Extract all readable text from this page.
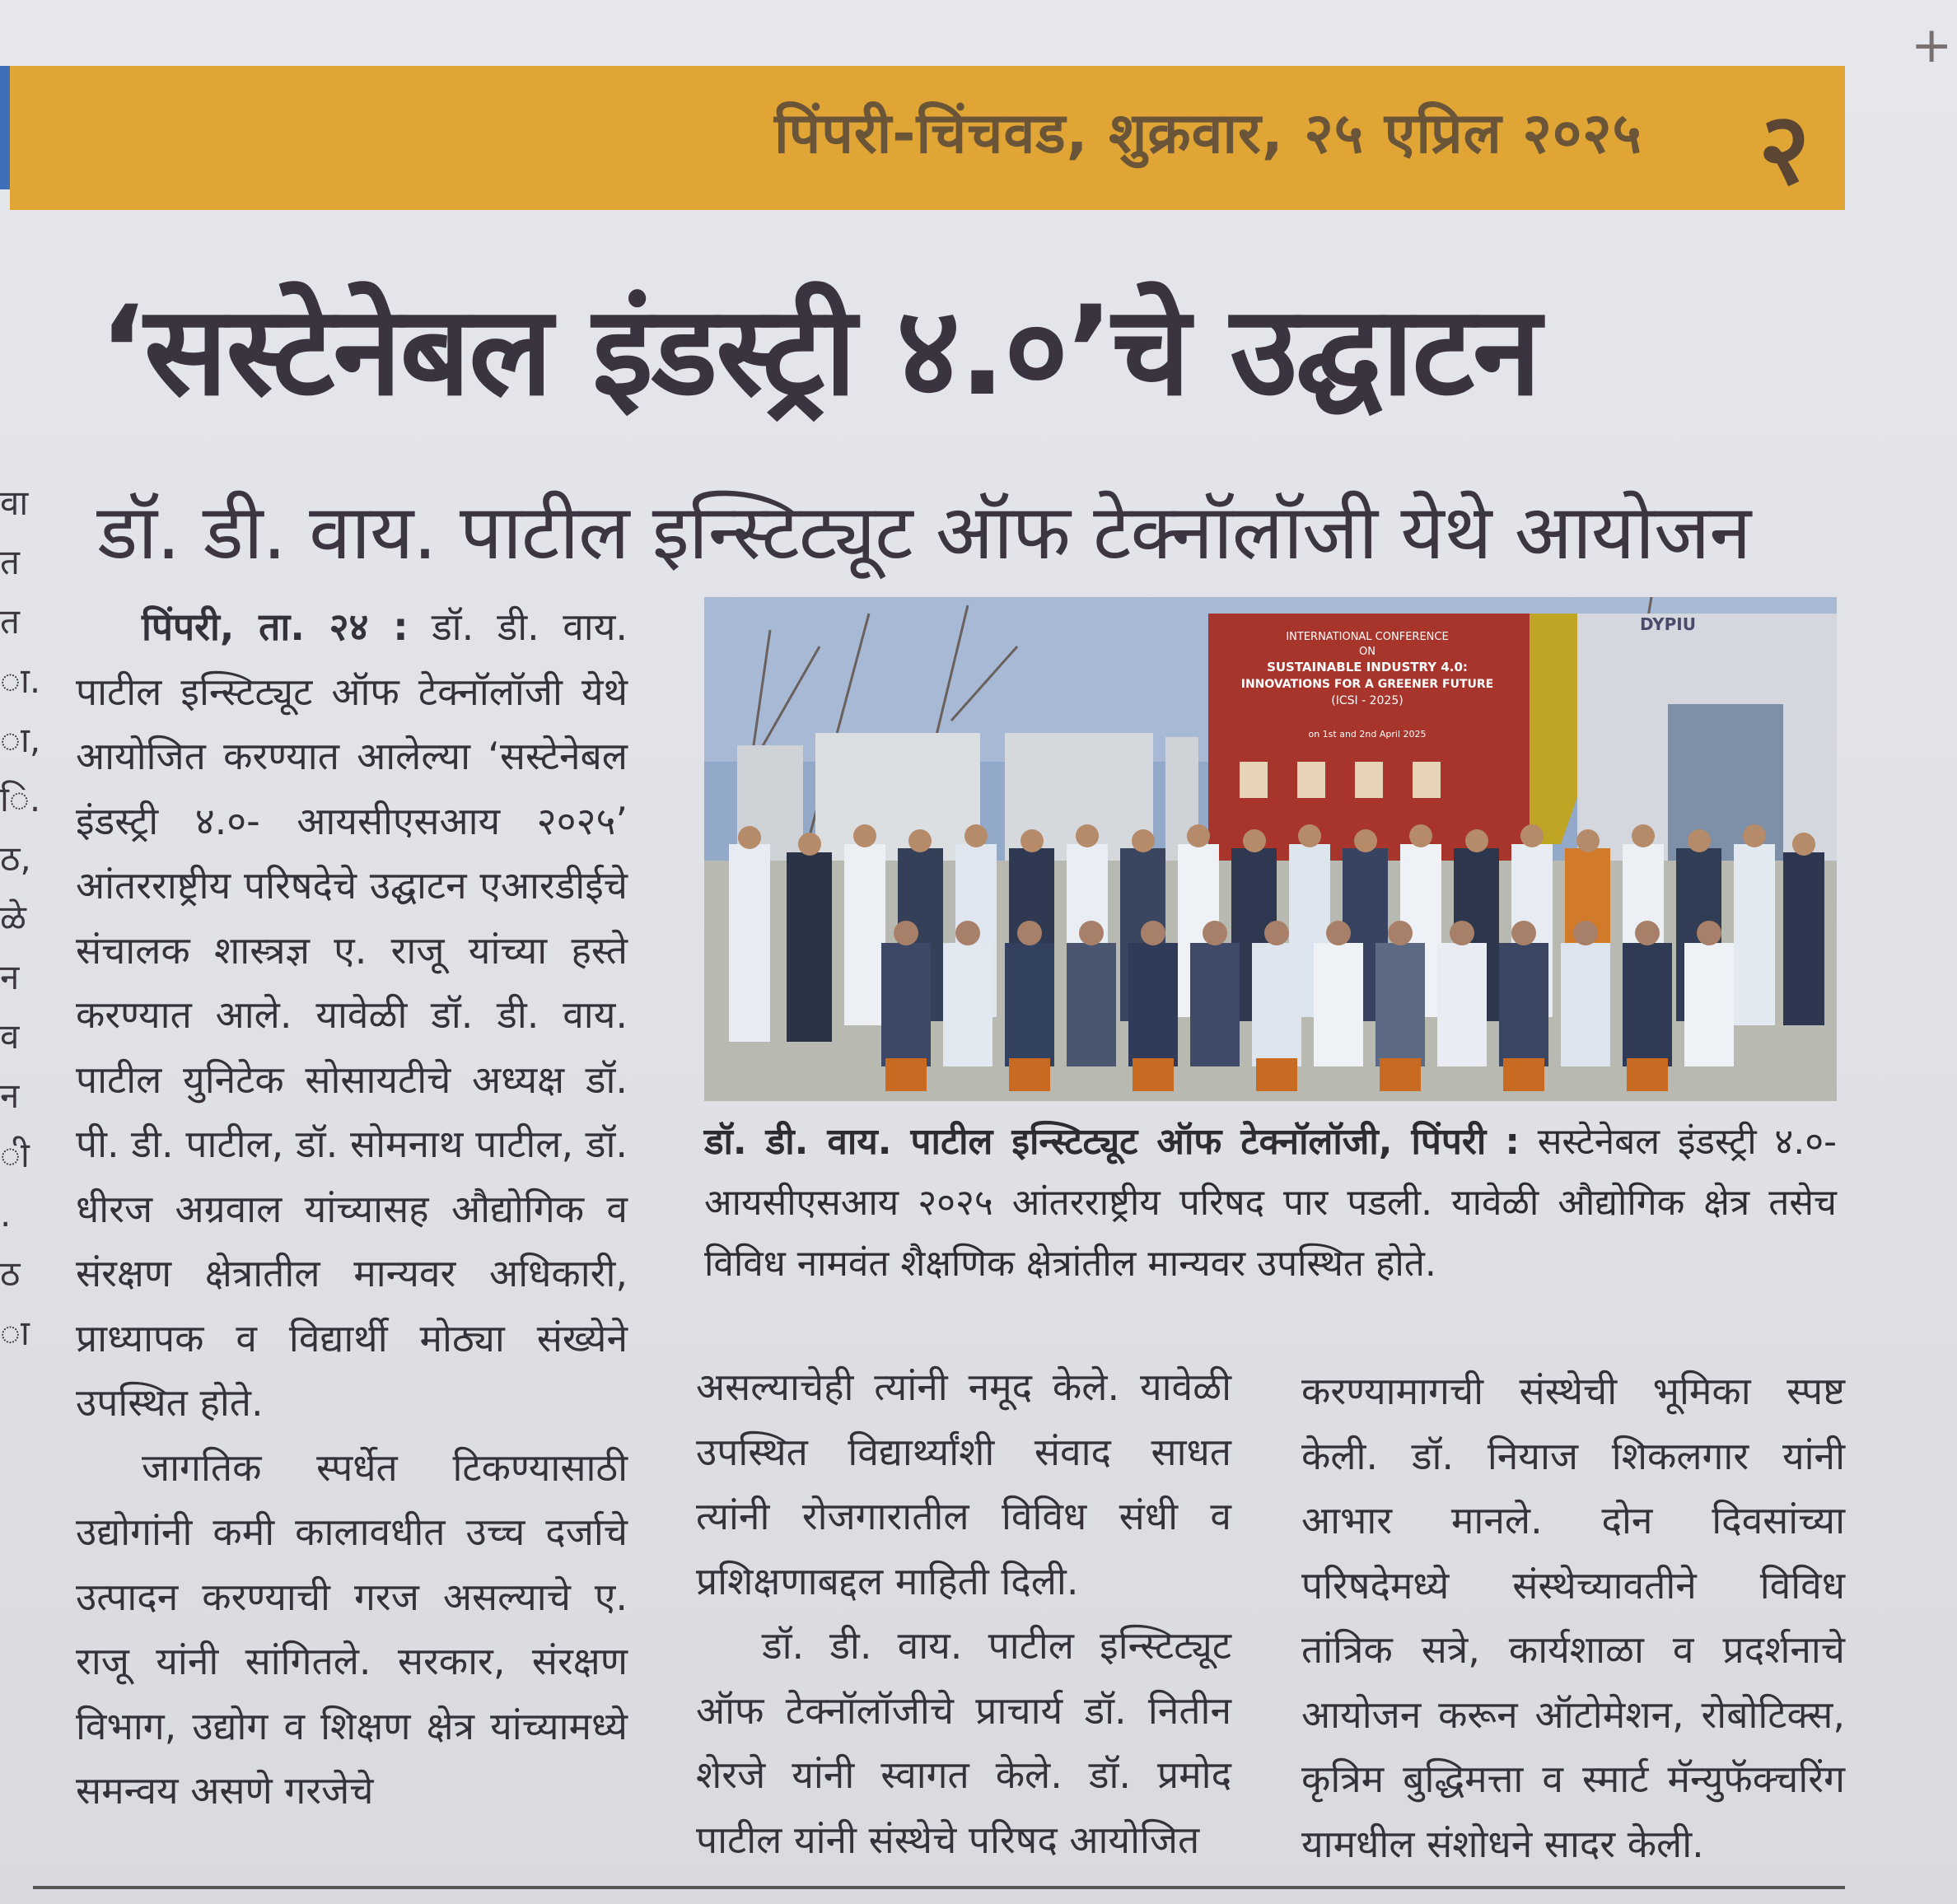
+
पिंपरी-चिंचवड, शुक्रवार, २५ एप्रिल २०२५ २
‘सस्टेनेबल इंडस्ट्री ४.०’चे उद्घाटन
डॉ. डी. वाय. पाटील इन्स्टिट्यूट ऑफ टेक्नॉलॉजी येथे आयोजन
वा
त
त
ा.
ा,
ि.
ठ,
ळे
न
व
न
ी
.
ठ
ा

पिंपरी, ता. २४ : डॉ. डी. वाय. पाटील इन्स्टिट्यूट ऑफ टेक्नॉलॉजी येथे आयोजित करण्यात आलेल्या ‘सस्टेनेबल इंडस्ट्री ४.०- आयसीएसआय २०२५’ आंतरराष्ट्रीय परिषदेचे उद्घाटन एआरडीईचे संचालक शास्त्रज्ञ ए. राजू यांच्या हस्ते करण्यात आले. यावेळी डॉ. डी. वाय. पाटील युनिटेक सोसायटीचे अध्यक्ष डॉ. पी. डी. पाटील, डॉ. सोमनाथ पाटील, डॉ. धीरज अग्रवाल यांच्यासह औद्योगिक व संरक्षण क्षेत्रातील मान्यवर अधिकारी, प्राध्यापक व विद्यार्थी मोठ्या संख्येने उपस्थित होते.

जागतिक स्पर्धेत टिकण्यासाठी उद्योगांनी कमी कालावधीत उच्च दर्जाचे उत्पादन करण्याची गरज असल्याचे ए. राजू यांनी सांगितले. सरकार, संरक्षण विभाग, उद्योग व शिक्षण क्षेत्र यांच्यामध्ये समन्वय असणे गरजेचे

INTERNATIONAL CONFERENCE
ON
SUSTAINABLE INDUSTRY 4.0:
INNOVATIONS FOR A GREENER FUTURE
(ICSI - 2025)
on 1st and 2nd April 2025
DYPIU
डॉ. डी. वाय. पाटील इन्स्टिट्यूट ऑफ टेक्नॉलॉजी, पिंपरी : सस्टेनेबल इंडस्ट्री ४.०- आयसीएसआय २०२५ आंतरराष्ट्रीय परिषद पार पडली. यावेळी औद्योगिक क्षेत्र तसेच विविध नामवंत शैक्षणिक क्षेत्रांतील मान्यवर उपस्थित होते.

असल्याचेही त्यांनी नमूद केले. यावेळी उपस्थित विद्यार्थ्यांशी संवाद साधत त्यांनी रोजगारातील विविध संधी व प्रशिक्षणाबद्दल माहिती दिली.

डॉ. डी. वाय. पाटील इन्स्टिट्यूट ऑफ टेक्नॉलॉजीचे प्राचार्य डॉ. नितीन शेरजे यांनी स्वागत केले. डॉ. प्रमोद पाटील यांनी संस्थेचे परिषद आयोजित

करण्यामागची संस्थेची भूमिका स्पष्ट केली. डॉ. नियाज शिकलगार यांनी आभार मानले. दोन दिवसांच्या परिषदेमध्ये संस्थेच्यावतीने विविध तांत्रिक सत्रे, कार्यशाळा व प्रदर्शनाचे आयोजन करून ऑटोमेशन, रोबोटिक्स, कृत्रिम बुद्धिमत्ता व स्मार्ट मॅन्युफॅक्चरिंग यामधील संशोधने सादर केली.
